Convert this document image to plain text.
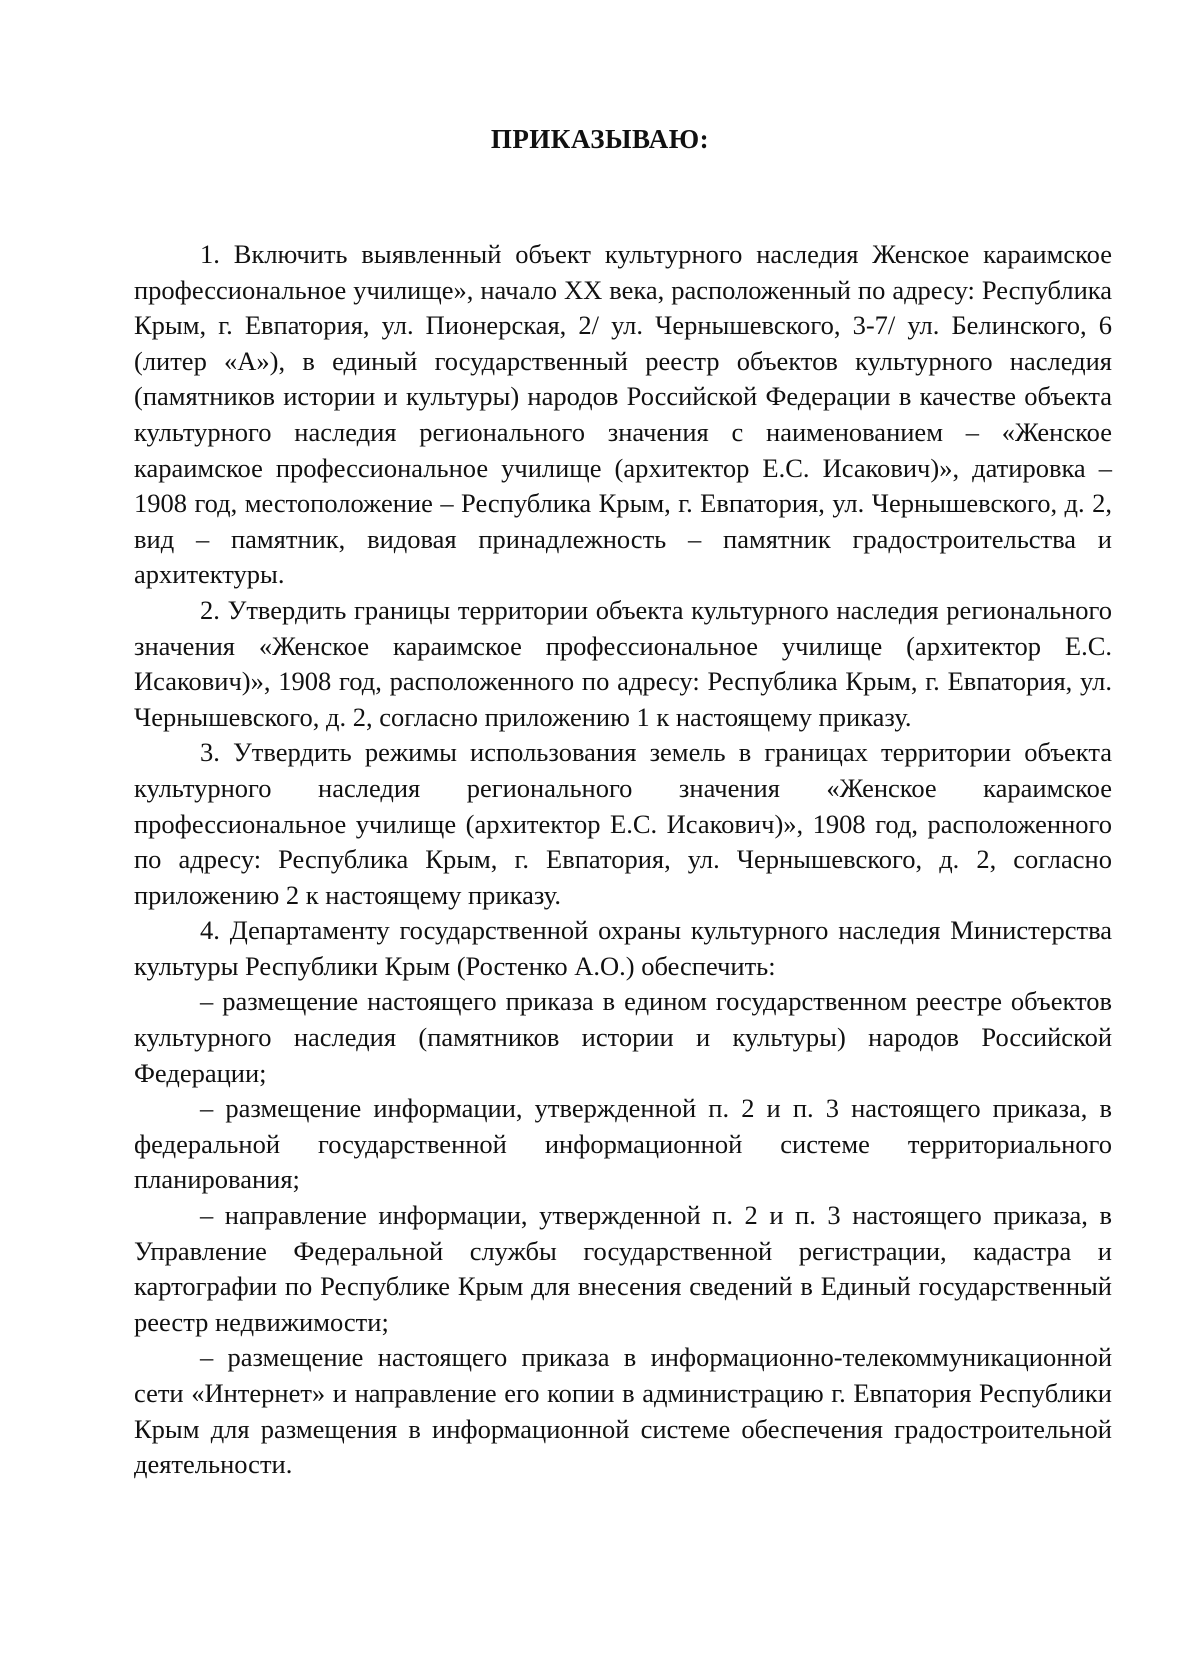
ПРИКАЗЫВАЮ:

1. Включить выявленный объект культурного наследия Женское караимское профессиональное училище», начало XX века, расположенный по адресу: Республика Крым, г. Евпатория, ул. Пионерская, 2/ ул. Чернышевского, 3-7/ ул. Белинского, 6 (литер «А»), в единый государственный реестр объектов культурного наследия (памятников истории и культуры) народов Российской Федерации в качестве объекта культурного наследия регионального значения с наименованием – «Женское караимское профессиональное училище (архитектор Е.С. Исакович)», датировка – 1908 год, местоположение – Республика Крым, г. Евпатория, ул. Чернышевского, д. 2, вид – памятник, видовая принадлежность – памятник градостроительства и архитектуры.

2. Утвердить границы территории объекта культурного наследия регионального значения «Женское караимское профессиональное училище (архитектор Е.С. Исакович)», 1908 год, расположенного по адресу: Республика Крым, г. Евпатория, ул. Чернышевского, д. 2, согласно приложению 1 к настоящему приказу.

3. Утвердить режимы использования земель в границах территории объекта культурного наследия регионального значения «Женское караимское профессиональное училище (архитектор Е.С. Исакович)», 1908 год, расположенного по адресу: Республика Крым, г. Евпатория, ул. Чернышевского, д. 2, согласно приложению 2 к настоящему приказу.

4. Департаменту государственной охраны культурного наследия Министерства культуры Республики Крым (Ростенко А.О.) обеспечить:

– размещение настоящего приказа в едином государственном реестре объектов культурного наследия (памятников истории и культуры) народов Российской Федерации;

– размещение информации, утвержденной п. 2 и п. 3 настоящего приказа, в федеральной государственной информационной системе территориального планирования;

– направление информации, утвержденной п. 2 и п. 3 настоящего приказа, в Управление Федеральной службы государственной регистрации, кадастра и картографии по Республике Крым для внесения сведений в Единый государственный реестр недвижимости;

– размещение настоящего приказа в информационно-телекоммуникационной сети «Интернет» и направление его копии в администрацию г. Евпатория Республики Крым для размещения в информационной системе обеспечения градостроительной деятельности.
